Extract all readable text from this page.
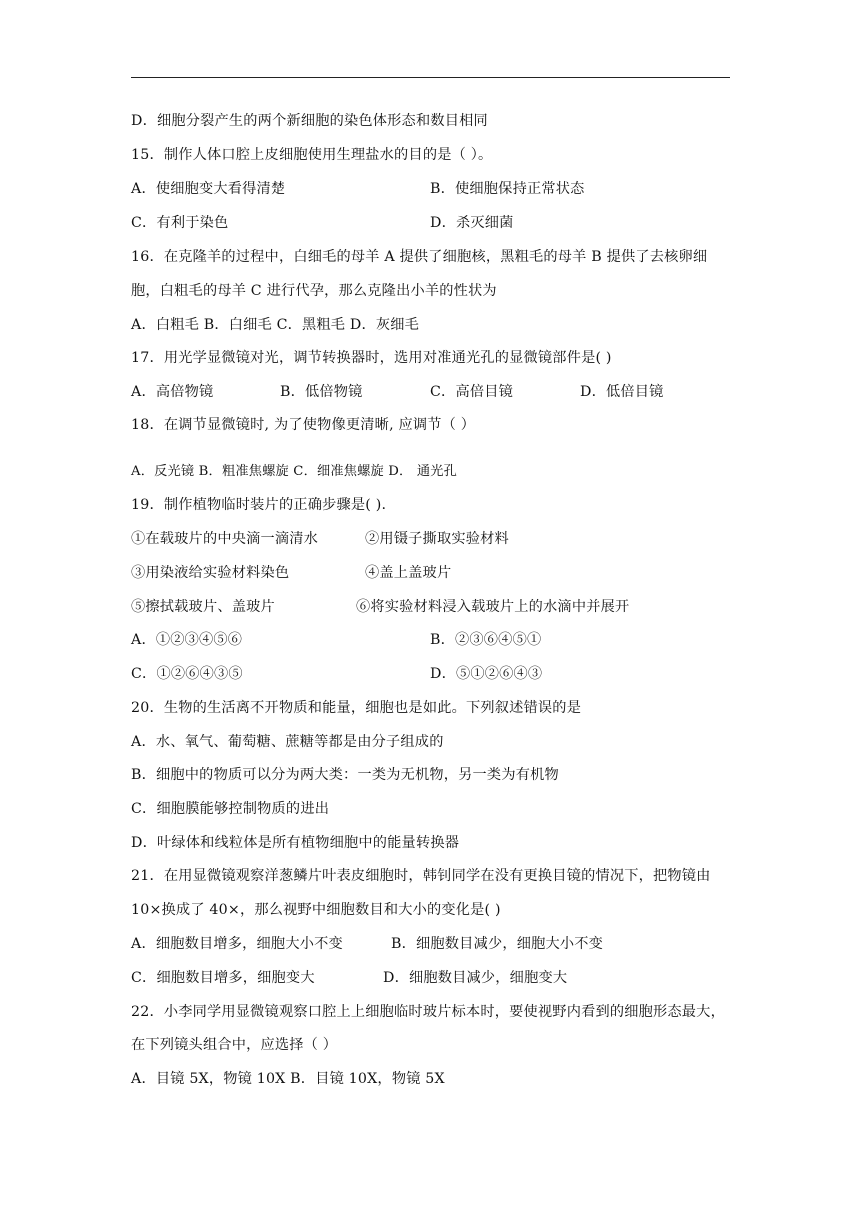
D．细胞分裂产生的两个新细胞的染色体形态和数目相同
15．制作人体口腔上皮细胞使用生理盐水的目的是（ ）。
A．使细胞变大看得清楚	B．使细胞保持正常状态
C．有利于染色	D．杀灭细菌
16．在克隆羊的过程中，白细毛的母羊 A 提供了细胞核，黑粗毛的母羊 B 提供了去核卵细
胞，白粗毛的母羊 C 进行代孕，那么克隆出小羊的性状为
A．白粗毛 B．白细毛 C．黑粗毛 D．灰细毛
17．用光学显微镜对光，调节转换器时，选用对准通光孔的显微镜部件是( )
A．高倍物镜	B．低倍物镜	C．高倍目镜	D．低倍目镜
18．在调节显微镜时, 为了使物像更清晰, 应调节（ ）
A．反光镜 B．粗准焦螺旋 C．细准焦螺旋 D． 通光孔
19．制作植物临时装片的正确步骤是( ).
①在载玻片的中央滴一滴清水	②用镊子撕取实验材料
③用染液给实验材料染色	④盖上盖玻片
⑤擦拭载玻片、盖玻片	⑥将实验材料浸入载玻片上的水滴中并展开
A．①②③④⑤⑥	B．②③⑥④⑤①
C．①②⑥④③⑤	D．⑤①②⑥④③
20．生物的生活离不开物质和能量，细胞也是如此。下列叙述错误的是
A．水、氧气、葡萄糖、蔗糖等都是由分子组成的
B．细胞中的物质可以分为两大类：一类为无机物，另一类为有机物
C．细胞膜能够控制物质的进出
D．叶绿体和线粒体是所有植物细胞中的能量转换器
21．在用显微镜观察洋葱鳞片叶表皮细胞时，韩钊同学在没有更换目镜的情况下，把物镜由
10×换成了 40×，那么视野中细胞数目和大小的变化是( )
A．细胞数目增多，细胞大小不变	B．细胞数目减少，细胞大小不变
C．细胞数目增多，细胞变大	D．细胞数目减少，细胞变大
22．小李同学用显微镜观察口腔上上细胞临时玻片标本时，要使视野内看到的细胞形态最大，
在下列镜头组合中，应选择（ ）
A．目镜 5X，物镜 10X B．目镜 10X，物镜 5X
